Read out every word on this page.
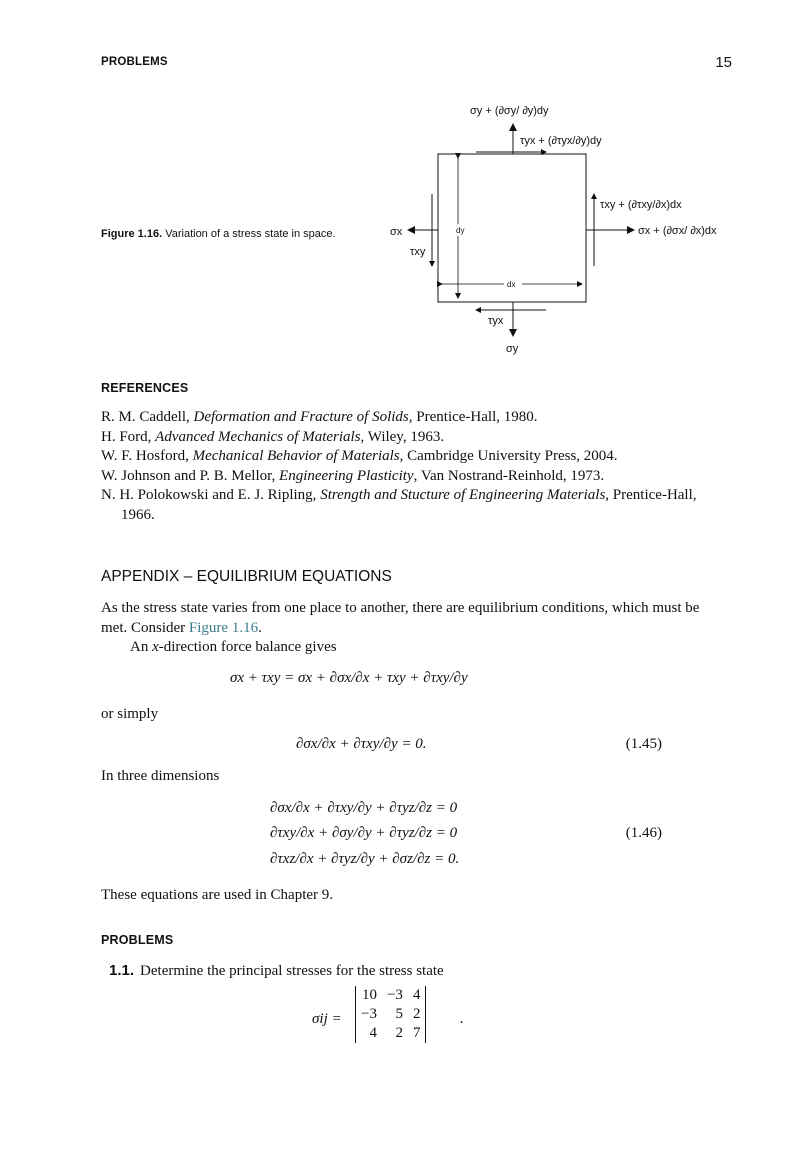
PROBLEMS	15
Figure 1.16. Variation of a stress state in space.
σy + (∂σy/ ∂y)dy
τyx + (∂τyx/∂y)dy
τxy + (∂τxy/∂x)dx
σx + (∂σx/ ∂x)dx
σx
τxy
dy
dx
τyx
σy
REFERENCES
R. M. Caddell, Deformation and Fracture of Solids, Prentice-Hall, 1980.
H. Ford, Advanced Mechanics of Materials, Wiley, 1963.
W. F. Hosford, Mechanical Behavior of Materials, Cambridge University Press, 2004.
W. Johnson and P. B. Mellor, Engineering Plasticity, Van Nostrand-Reinhold, 1973.
N. H. Polokowski and E. J. Ripling, Strength and Stucture of Engineering Materials, Prentice-Hall, 1966.
APPENDIX – EQUILIBRIUM EQUATIONS
As the stress state varies from one place to another, there are equilibrium conditions, which must be met. Consider Figure 1.16.
An x-direction force balance gives
σx + τxy = σx + ∂σx/∂x + τxy + ∂τxy/∂y
or simply
∂σx/∂x + ∂τxy/∂y = 0.	(1.45)
In three dimensions
∂σx/∂x + ∂τxy/∂y + ∂τyz/∂z = 0
∂τxy/∂x + ∂σy/∂y + ∂τyz/∂z = 0
∂τxz/∂x + ∂τyz/∂y + ∂σz/∂z = 0.
(1.46)
These equations are used in Chapter 9.
PROBLEMS
1.1. Determine the principal stresses for the stress state
σij =
10	−3	4
−3	5	2
4	2	7
.
